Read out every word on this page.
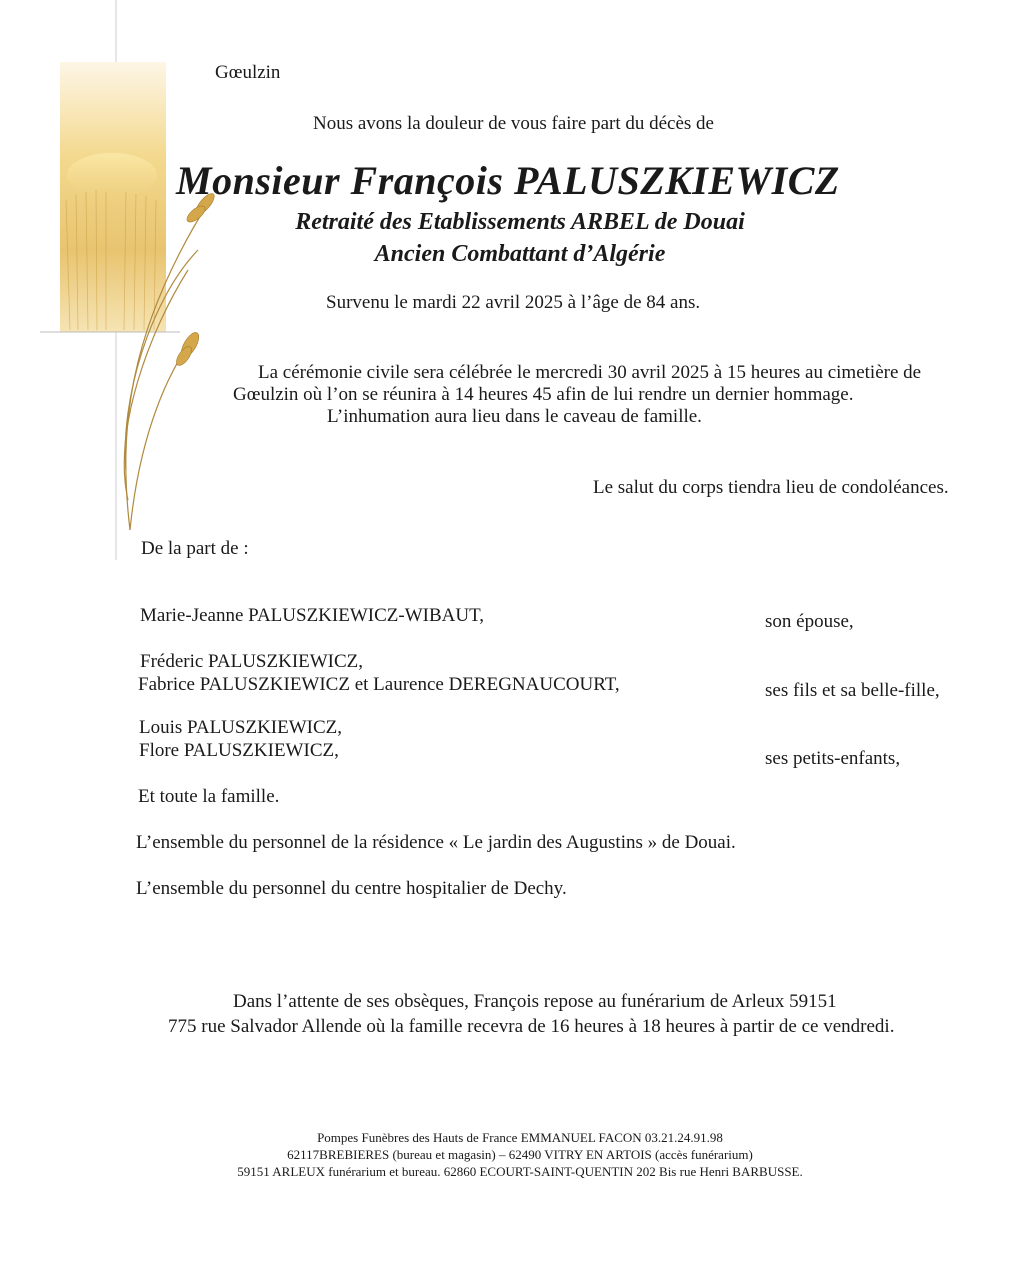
Gœulzin
Nous avons la douleur de vous faire part du décès de
Monsieur François PALUSZKIEWICZ
Retraité des Etablissements ARBEL de Douai
Ancien Combattant d’Algérie
Survenu le mardi 22 avril 2025 à l’âge de 84 ans.
La cérémonie civile sera célébrée le mercredi 30 avril 2025 à 15 heures au cimetière de
Gœulzin où l’on se réunira à 14 heures 45 afin de lui rendre un dernier hommage.
L’inhumation aura lieu dans le caveau de famille.
Le salut du corps tiendra lieu de condoléances.
De la part de :
Marie-Jeanne PALUSZKIEWICZ-WIBAUT,	son épouse,
Fréderic PALUSZKIEWICZ,
Fabrice PALUSZKIEWICZ et Laurence DEREGNAUCOURT,	ses fils et sa belle-fille,
Louis PALUSZKIEWICZ,
Flore PALUSZKIEWICZ,	ses petits-enfants,
Et toute la famille.
L’ensemble du personnel de la résidence « Le jardin des Augustins » de Douai.
L’ensemble du personnel du centre hospitalier de Dechy.
Dans l’attente de ses obsèques, François repose au funérarium de Arleux 59151
775 rue Salvador Allende où la famille recevra de 16 heures à 18 heures à partir de ce vendredi.
Pompes Funèbres des Hauts de France EMMANUEL FACON 03.21.24.91.98
62117BREBIERES (bureau et magasin) – 62490 VITRY EN ARTOIS (accès funérarium)
59151 ARLEUX funérarium et bureau. 62860 ECOURT-SAINT-QUENTIN 202 Bis rue Henri BARBUSSE.
